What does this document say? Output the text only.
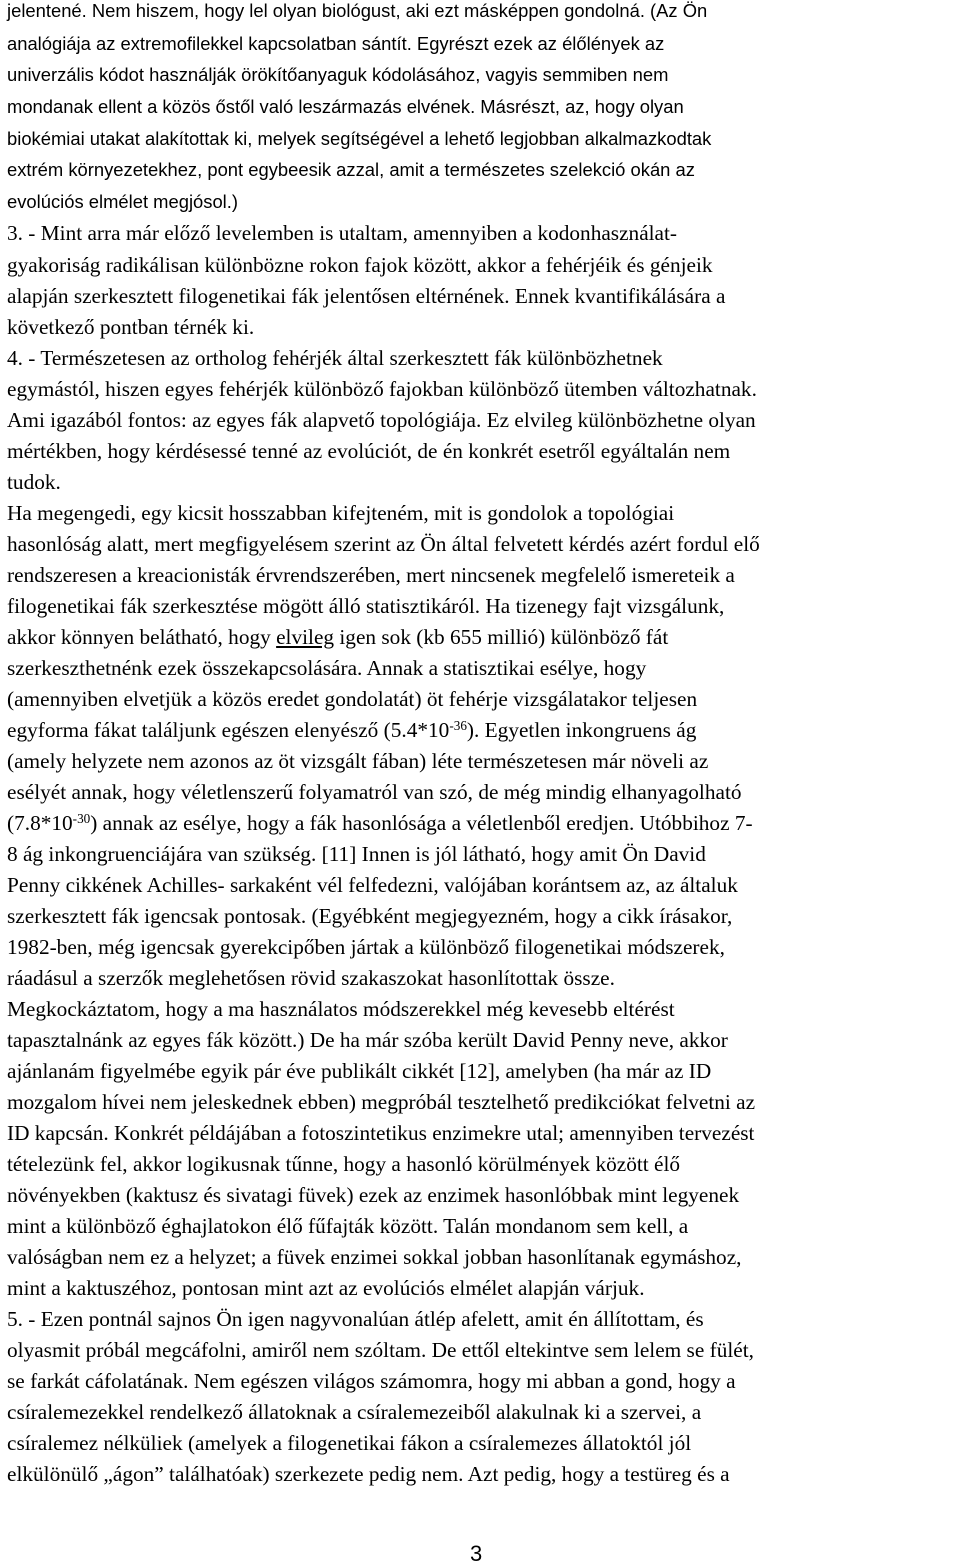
jelentené. Nem hiszem, hogy lel olyan biológust, aki ezt másképpen gondolná. (Az Ön
analógiája az extremofilekkel kapcsolatban sántít. Egyrészt ezek az élőlények az
univerzális kódot használják örökítőanyaguk kódolásához, vagyis semmiben nem
mondanak ellent a közös őstől való leszármazás elvének. Másrészt, az, hogy olyan
biokémiai utakat alakítottak ki, melyek segítségével a lehető legjobban alkalmazkodtak
extrém környezetekhez, pont egybeesik azzal, amit a természetes szelekció okán az
evolúciós elmélet megjósol.)
3. - Mint arra már előző levelemben is utaltam, amennyiben a kodonhasználat-
gyakoriság radikálisan különbözne rokon fajok között, akkor a fehérjéik és génjeik
alapján szerkesztett filogenetikai fák jelentősen eltérnének. Ennek kvantifikálására a
következő pontban térnék ki.
4. - Természetesen az ortholog fehérjék által szerkesztett fák különbözhetnek
egymástól, hiszen egyes fehérjék különböző fajokban különböző ütemben változhatnak.
Ami igazából fontos: az egyes fák alapvető topológiája. Ez elvileg különbözhetne olyan
mértékben, hogy kérdésessé tenné az evolúciót, de én konkrét esetről egyáltalán nem
tudok.
Ha megengedi, egy kicsit hosszabban kifejteném, mit is gondolok a topológiai
hasonlóság alatt, mert megfigyelésem szerint az Ön által felvetett kérdés azért fordul elő
rendszeresen a kreacionisták érvrendszerében, mert nincsenek megfelelő ismereteik a
filogenetikai fák szerkesztése mögött álló statisztikáról. Ha tizenegy fajt vizsgálunk,
akkor könnyen belátható, hogy elvileg igen sok (kb 655 millió) különböző fát
szerkeszthetnénk ezek összekapcsolására. Annak a statisztikai esélye, hogy
(amennyiben elvetjük a közös eredet gondolatát) öt fehérje vizsgálatakor teljesen
egyforma fákat találjunk egészen elenyésző $(5.4*10^{-36})$. Egyetlen inkongruens ág
(amely helyzete nem azonos az öt vizsgált fában) léte természetesen már növeli az
esélyét annak, hogy véletlenszerű folyamatról van szó, de még mindig elhanyagolható
$(7.8*10^{-30})$ annak az esélye, hogy a fák hasonlósága a véletlenből eredjen. Utóbbihoz 7-
8 ág inkongruenciájára van szükség. [11] Innen is jól látható, hogy amit Ön David
Penny cikkének Achilles- sarkaként vél felfedezni, valójában korántsem az, az általuk
szerkesztett fák igencsak pontosak. (Egyébként megjegyezném, hogy a cikk írásakor,
1982-ben, még igencsak gyerekcipőben jártak a különböző filogenetikai módszerek,
ráadásul a szerzők meglehetősen rövid szakaszokat hasonlítottak össze.
Megkockáztatom, hogy a ma használatos módszerekkel még kevesebb eltérést
tapasztalnánk az egyes fák között.) De ha már szóba került David Penny neve, akkor
ajánlanám figyelmébe egyik pár éve publikált cikkét [12], amelyben (ha már az ID
mozgalom hívei nem jeleskednek ebben) megpróbál tesztelhető predikciókat felvetni az
ID kapcsán. Konkrét példájában a fotoszintetikus enzimekre utal; amennyiben tervezést
tételezünk fel, akkor logikusnak tűnne, hogy a hasonló körülmények között élő
növényekben (kaktusz és sivatagi füvek) ezek az enzimek hasonlóbbak mint legyenek
mint a különböző éghajlatokon élő fűfajták között. Talán mondanom sem kell, a
valóságban nem ez a helyzet; a füvek enzimei sokkal jobban hasonlítanak egymáshoz,
mint a kaktuszéhoz, pontosan mint azt az evolúciós elmélet alapján várjuk.
5. - Ezen pontnál sajnos Ön igen nagyvonalúan átlép afelett, amit én állítottam, és
olyasmit próbál megcáfolni, amiről nem szóltam. De ettől eltekintve sem lelem se fülét,
se farkát cáfolatának. Nem egészen világos számomra, hogy mi abban a gond, hogy a
csíralemezekkel rendelkező állatoknak a csíralemezeiből alakulnak ki a szervei, a
csíralemez nélküliek (amelyek a filogenetikai fákon a csíralemezes állatoktól jól
elkülönülő „ágon” találhatóak) szerkezete pedig nem. Azt pedig, hogy a testüreg és a
3
